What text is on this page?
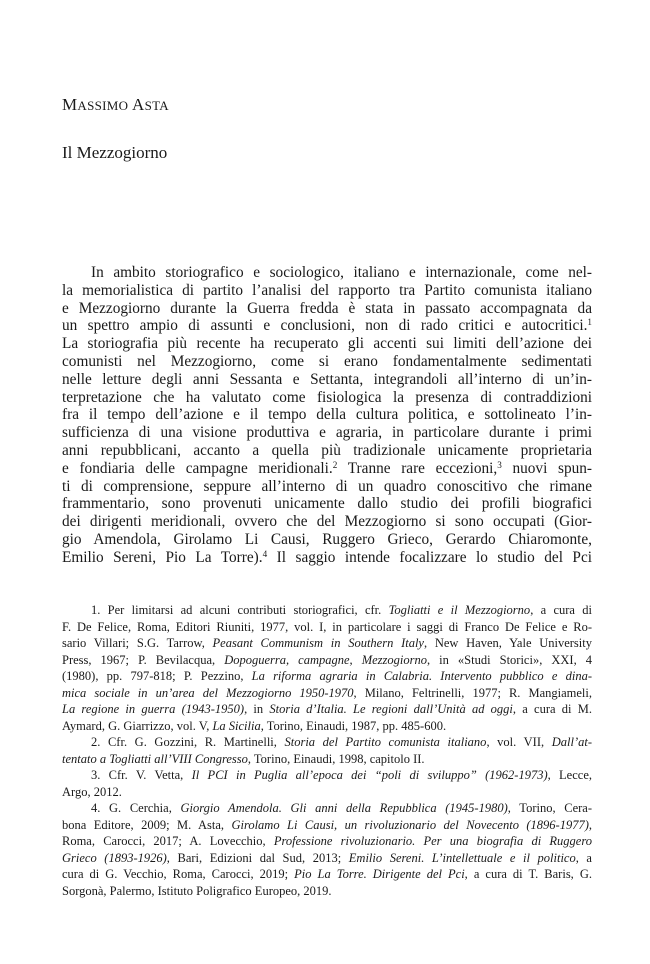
MASSIMO ASTA
Il Mezzogiorno
In ambito storiografico e sociologico, italiano e internazionale, come nel-
la memorialistica di partito l’analisi del rapporto tra Partito comunista italiano
e Mezzogiorno durante la Guerra fredda è stata in passato accompagnata da
un spettro ampio di assunti e conclusioni, non di rado critici e autocritici.$^1$
La storiografia più recente ha recuperato gli accenti sui limiti dell’azione dei
comunisti nel Mezzogiorno, come si erano fondamentalmente sedimentati
nelle letture degli anni Sessanta e Settanta, integrandoli all’interno di un’in-
terpretazione che ha valutato come fisiologica la presenza di contraddizioni
fra il tempo dell’azione e il tempo della cultura politica, e sottolineato l’in-
sufficienza di una visione produttiva e agraria, in particolare durante i primi
anni repubblicani, accanto a quella più tradizionale unicamente proprietaria
e fondiaria delle campagne meridionali.$^2$ Tranne rare eccezioni,$^3$ nuovi spun-
ti di comprensione, seppure all’interno di un quadro conoscitivo che rimane
frammentario, sono provenuti unicamente dallo studio dei profili biografici
dei dirigenti meridionali, ovvero che del Mezzogiorno si sono occupati (Gior-
gio Amendola, Girolamo Li Causi, Ruggero Grieco, Gerardo Chiaromonte,
Emilio Sereni, Pio La Torre).$^4$ Il saggio intende focalizzare lo studio del Pci
1. Per limitarsi ad alcuni contributi storiografici, cfr. Togliatti e il Mezzogiorno, a cura di
F. De Felice, Roma, Editori Riuniti, 1977, vol. I, in particolare i saggi di Franco De Felice e Ro-
sario Villari; S.G. Tarrow, Peasant Communism in Southern Italy, New Haven, Yale University
Press, 1967; P. Bevilacqua, Dopoguerra, campagne, Mezzogiorno, in «Studi Storici», XXI, 4
(1980), pp. 797-818; P. Pezzino, La riforma agraria in Calabria. Intervento pubblico e dina-
mica sociale in un’area del Mezzogiorno 1950-1970, Milano, Feltrinelli, 1977; R. Mangiameli,
La regione in guerra (1943-1950), in Storia d’Italia. Le regioni dall’Unità ad oggi, a cura di M.
Aymard, G. Giarrizzo, vol. V, La Sicilia, Torino, Einaudi, 1987, pp. 485-600.
2. Cfr. G. Gozzini, R. Martinelli, Storia del Partito comunista italiano, vol. VII, Dall’at-
tentato a Togliatti all’VIII Congresso, Torino, Einaudi, 1998, capitolo II.
3. Cfr. V. Vetta, Il PCI in Puglia all’epoca dei “poli di sviluppo” (1962-1973), Lecce,
Argo, 2012.
4. G. Cerchia, Giorgio Amendola. Gli anni della Repubblica (1945-1980), Torino, Cera-
bona Editore, 2009; M. Asta, Girolamo Li Causi, un rivoluzionario del Novecento (1896-1977),
Roma, Carocci, 2017; A. Lovecchio, Professione rivoluzionario. Per una biografia di Ruggero
Grieco (1893-1926), Bari, Edizioni dal Sud, 2013; Emilio Sereni. L’intellettuale e il politico, a
cura di G. Vecchio, Roma, Carocci, 2019; Pio La Torre. Dirigente del Pci, a cura di T. Baris, G.
Sorgonà, Palermo, Istituto Poligrafico Europeo, 2019.
